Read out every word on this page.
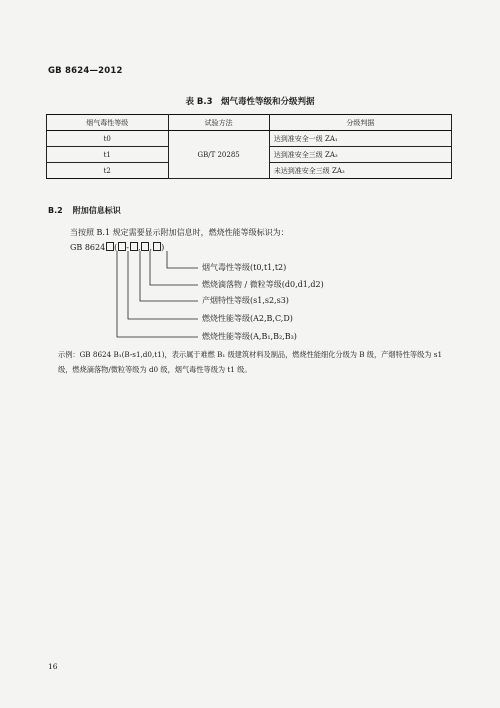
GB 8624—2012
表 B.3　烟气毒性等级和分级判据
烟气毒性等级	试验方法	分级判据
t0	GB/T 20285	达到准安全一级 ZA₁
t1		达到准安全三级 ZA₃
t2		未达到准安全三级 ZA₃
B.2 附加信息标识
当按照 B.1 规定需要显示附加信息时，燃烧性能等级标识为：
GB 8624 ( - , , )
烟气毒性等级(t0,t1,t2)
燃烧滴落物 / 微粒等级(d0,d1,d2)
产烟特性等级(s1,s2,s3)
燃烧性能等级(A2,B,C,D)
燃烧性能等级(A,B₁,B₂,B₃)
示例：GB 8624 B₁(B-s1,d0,t1)，表示属于难燃 B₁ 级建筑材料及制品，燃烧性能细化分级为 B 级，产烟特性等级为 s1 级，燃烧滴落物/微粒等级为 d0 级，烟气毒性等级为 t1 级。
16
